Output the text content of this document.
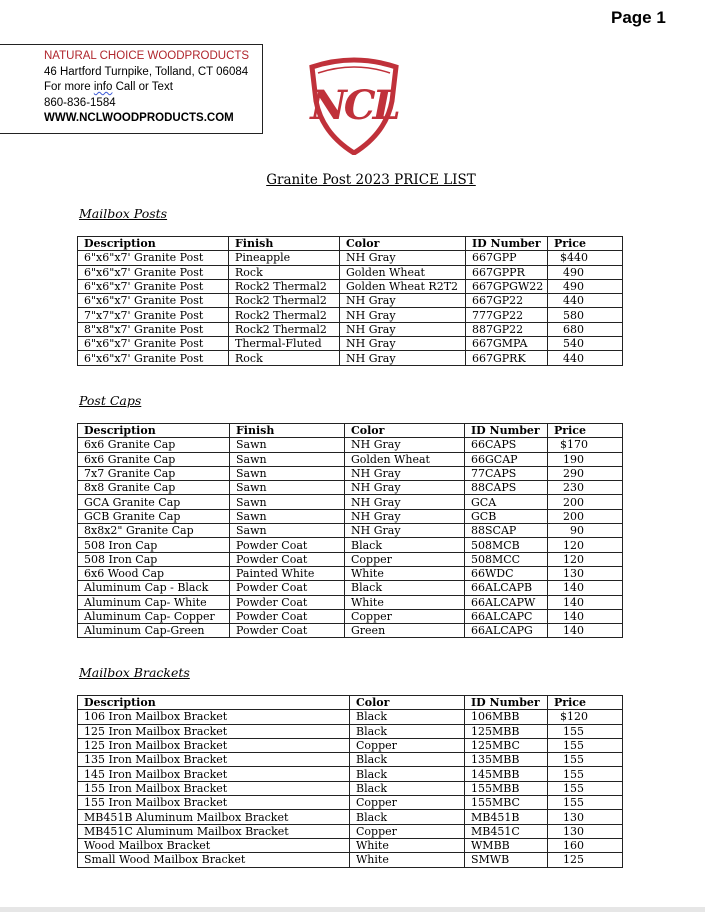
Page 1
NATURAL CHOICE WOODPRODUCTS
46 Hartford Turnpike, Tolland, CT 06084
For more info Call or Text
860-836-1584
WWW.NCLWOODPRODUCTS.COM	NCL
Granite Post 2023 PRICE LIST
Mailbox Posts
Description	Finish	Color	ID Number	Price
6"x6"x7' Granite Post	Pineapple	NH Gray	667GPP	$440
6"x6"x7' Granite Post	Rock	Golden Wheat	667GPPR	490
6"x6"x7' Granite Post	Rock2 Thermal2	Golden Wheat R2T2	667GPGW22	490
6"x6"x7' Granite Post	Rock2 Thermal2	NH Gray	667GP22	440
7"x7"x7' Granite Post	Rock2 Thermal2	NH Gray	777GP22	580
8"x8"x7' Granite Post	Rock2 Thermal2	NH Gray	887GP22	680
6"x6"x7' Granite Post	Thermal-Fluted	NH Gray	667GMPA	540
6"x6"x7' Granite Post	Rock	NH Gray	667GPRK	440
Post Caps
Description	Finish	Color	ID Number	Price
6x6 Granite Cap	Sawn	NH Gray	66CAPS	$170
6x6 Granite Cap	Sawn	Golden Wheat	66GCAP	190
7x7 Granite Cap	Sawn	NH Gray	77CAPS	290
8x8 Granite Cap	Sawn	NH Gray	88CAPS	230
GCA Granite Cap	Sawn	NH Gray	GCA	200
GCB Granite Cap	Sawn	NH Gray	GCB	200
8x8x2" Granite Cap	Sawn	NH Gray	88SCAP	90
508 Iron Cap	Powder Coat	Black	508MCB	120
508 Iron Cap	Powder Coat	Copper	508MCC	120
6x6 Wood Cap	Painted White	White	66WDC	130
Aluminum Cap - Black	Powder Coat	Black	66ALCAPB	140
Aluminum Cap- White	Powder Coat	White	66ALCAPW	140
Aluminum Cap- Copper	Powder Coat	Copper	66ALCAPC	140
Aluminum Cap-Green	Powder Coat	Green	66ALCAPG	140
Mailbox Brackets
Description	Color	ID Number	Price
106 Iron Mailbox Bracket	Black	106MBB	$120
125 Iron Mailbox Bracket	Black	125MBB	155
125 Iron Mailbox Bracket	Copper	125MBC	155
135 Iron Mailbox Bracket	Black	135MBB	155
145 Iron Mailbox Bracket	Black	145MBB	155
155 Iron Mailbox Bracket	Black	155MBB	155
155 Iron Mailbox Bracket	Copper	155MBC	155
MB451B Aluminum Mailbox Bracket	Black	MB451B	130
MB451C Aluminum Mailbox Bracket	Copper	MB451C	130
Wood Mailbox Bracket	White	WMBB	160
Small Wood Mailbox Bracket	White	SMWB	125
